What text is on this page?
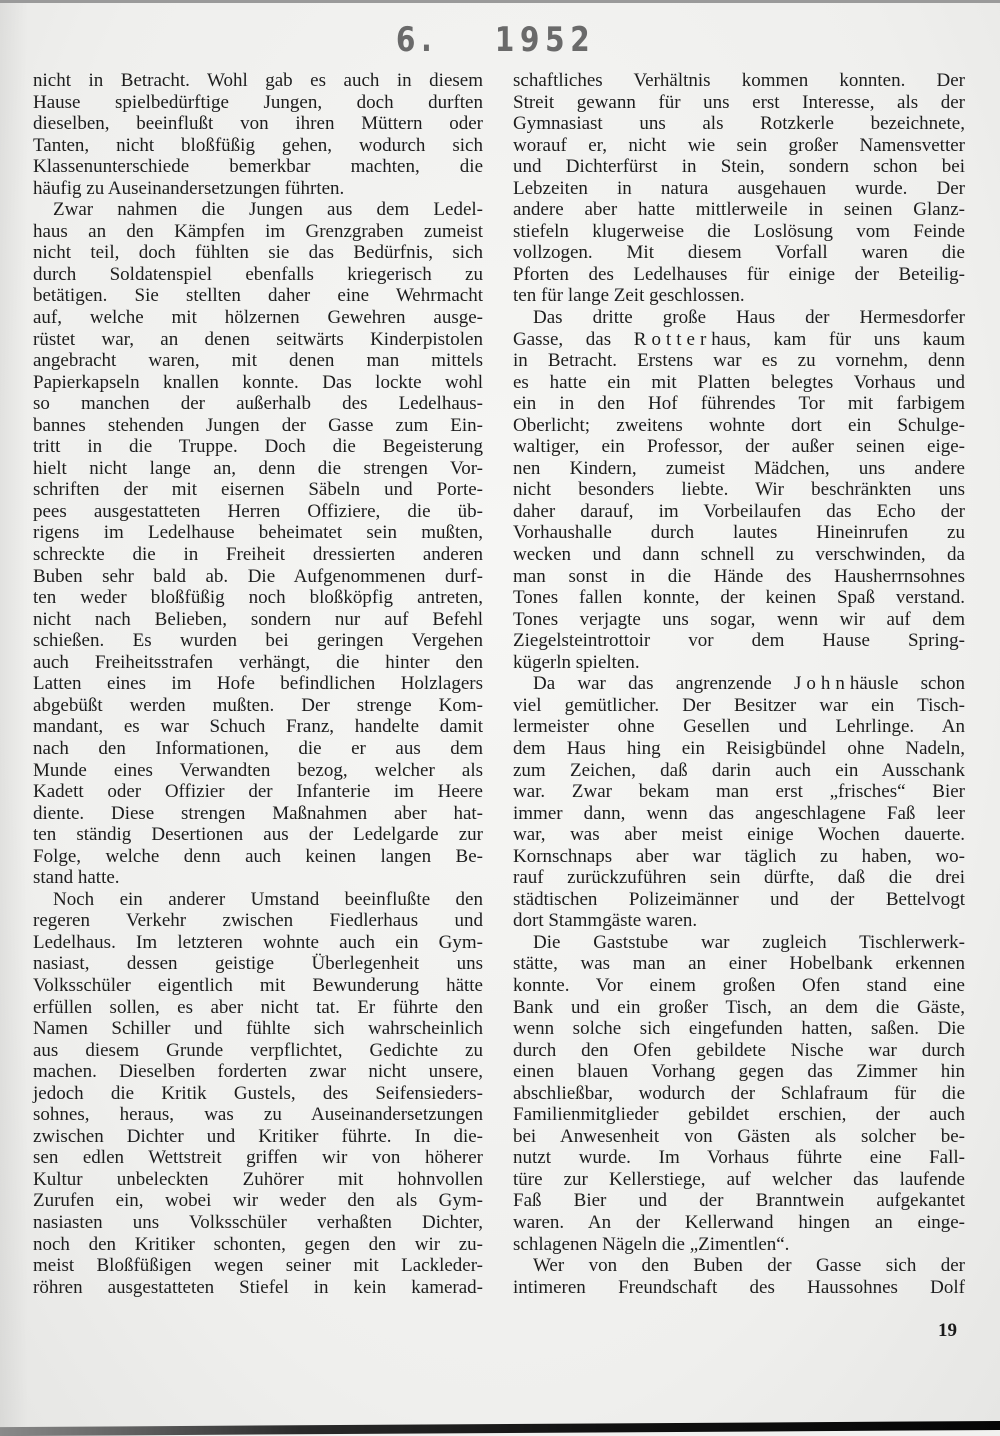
6. 1952
nicht in Betracht. Wohl gab es auch in diesem
Hause spielbedürftige Jungen, doch durften
dieselben, beeinflußt von ihren Müttern oder
Tanten, nicht bloßfüßig gehen, wodurch sich
Klassenunterschiede bemerkbar machten, die
häufig zu Auseinandersetzungen führten.
Zwar nahmen die Jungen aus dem Ledel-
haus an den Kämpfen im Grenzgraben zumeist
nicht teil, doch fühlten sie das Bedürfnis, sich
durch Soldatenspiel ebenfalls kriegerisch zu
betätigen. Sie stellten daher eine Wehrmacht
auf, welche mit hölzernen Gewehren ausge-
rüstet war, an denen seitwärts Kinderpistolen
angebracht waren, mit denen man mittels
Papierkapseln knallen konnte. Das lockte wohl
so manchen der außerhalb des Ledelhaus-
bannes stehenden Jungen der Gasse zum Ein-
tritt in die Truppe. Doch die Begeisterung
hielt nicht lange an, denn die strengen Vor-
schriften der mit eisernen Säbeln und Porte-
pees ausgestatteten Herren Offiziere, die üb-
rigens im Ledelhause beheimatet sein mußten,
schreckte die in Freiheit dressierten anderen
Buben sehr bald ab. Die Aufgenommenen durf-
ten weder bloßfüßig noch bloßköpfig antreten,
nicht nach Belieben, sondern nur auf Befehl
schießen. Es wurden bei geringen Vergehen
auch Freiheitsstrafen verhängt, die hinter den
Latten eines im Hofe befindlichen Holzlagers
abgebüßt werden mußten. Der strenge Kom-
mandant, es war Schuch Franz, handelte damit
nach den Informationen, die er aus dem
Munde eines Verwandten bezog, welcher als
Kadett oder Offizier der Infanterie im Heere
diente. Diese strengen Maßnahmen aber hat-
ten ständig Desertionen aus der Ledelgarde zur
Folge, welche denn auch keinen langen Be-
stand hatte.
Noch ein anderer Umstand beeinflußte den
regeren Verkehr zwischen Fiedlerhaus und
Ledelhaus. Im letzteren wohnte auch ein Gym-
nasiast, dessen geistige Überlegenheit uns
Volksschüler eigentlich mit Bewunderung hätte
erfüllen sollen, es aber nicht tat. Er führte den
Namen Schiller und fühlte sich wahrscheinlich
aus diesem Grunde verpflichtet, Gedichte zu
machen. Dieselben forderten zwar nicht unsere,
jedoch die Kritik Gustels, des Seifensieders-
sohnes, heraus, was zu Auseinandersetzungen
zwischen Dichter und Kritiker führte. In die-
sen edlen Wettstreit griffen wir von höherer
Kultur unbeleckten Zuhörer mit hohnvollen
Zurufen ein, wobei wir weder den als Gym-
nasiasten uns Volksschüler verhaßten Dichter,
noch den Kritiker schonten, gegen den wir zu-
meist Bloßfüßigen wegen seiner mit Lackleder-
röhren ausgestatteten Stiefel in kein kamerad-
schaftliches Verhältnis kommen konnten. Der
Streit gewann für uns erst Interesse, als der
Gymnasiast uns als Rotzkerle bezeichnete,
worauf er, nicht wie sein großer Namensvetter
und Dichterfürst in Stein, sondern schon bei
Lebzeiten in natura ausgehauen wurde. Der
andere aber hatte mittlerweile in seinen Glanz-
stiefeln klugerweise die Loslösung vom Feinde
vollzogen. Mit diesem Vorfall waren die
Pforten des Ledelhauses für einige der Beteilig-
ten für lange Zeit geschlossen.
Das dritte große Haus der Hermesdorfer
Gasse, das Rotterhaus, kam für uns kaum
in Betracht. Erstens war es zu vornehm, denn
es hatte ein mit Platten belegtes Vorhaus und
ein in den Hof führendes Tor mit farbigem
Oberlicht; zweitens wohnte dort ein Schulge-
waltiger, ein Professor, der außer seinen eige-
nen Kindern, zumeist Mädchen, uns andere
nicht besonders liebte. Wir beschränkten uns
daher darauf, im Vorbeilaufen das Echo der
Vorhaushalle durch lautes Hineinrufen zu
wecken und dann schnell zu verschwinden, da
man sonst in die Hände des Hausherrnsohnes
Tones fallen konnte, der keinen Spaß verstand.
Tones verjagte uns sogar, wenn wir auf dem
Ziegelsteintrottoir vor dem Hause Spring-
kügerln spielten.
Da war das angrenzende Johnhäusle schon
viel gemütlicher. Der Besitzer war ein Tisch-
lermeister ohne Gesellen und Lehrlinge. An
dem Haus hing ein Reisigbündel ohne Nadeln,
zum Zeichen, daß darin auch ein Ausschank
war. Zwar bekam man erst „frisches“ Bier
immer dann, wenn das angeschlagene Faß leer
war, was aber meist einige Wochen dauerte.
Kornschnaps aber war täglich zu haben, wo-
rauf zurückzuführen sein dürfte, daß die drei
städtischen Polizeimänner und der Bettelvogt
dort Stammgäste waren.
Die Gaststube war zugleich Tischlerwerk-
stätte, was man an einer Hobelbank erkennen
konnte. Vor einem großen Ofen stand eine
Bank und ein großer Tisch, an dem die Gäste,
wenn solche sich eingefunden hatten, saßen. Die
durch den Ofen gebildete Nische war durch
einen blauen Vorhang gegen das Zimmer hin
abschließbar, wodurch der Schlafraum für die
Familienmitglieder gebildet erschien, der auch
bei Anwesenheit von Gästen als solcher be-
nutzt wurde. Im Vorhaus führte eine Fall-
türe zur Kellerstiege, auf welcher das laufende
Faß Bier und der Branntwein aufgekantet
waren. An der Kellerwand hingen an einge-
schlagenen Nägeln die „Zimentlen“.
Wer von den Buben der Gasse sich der
intimeren Freundschaft des Haussohnes Dolf
19
